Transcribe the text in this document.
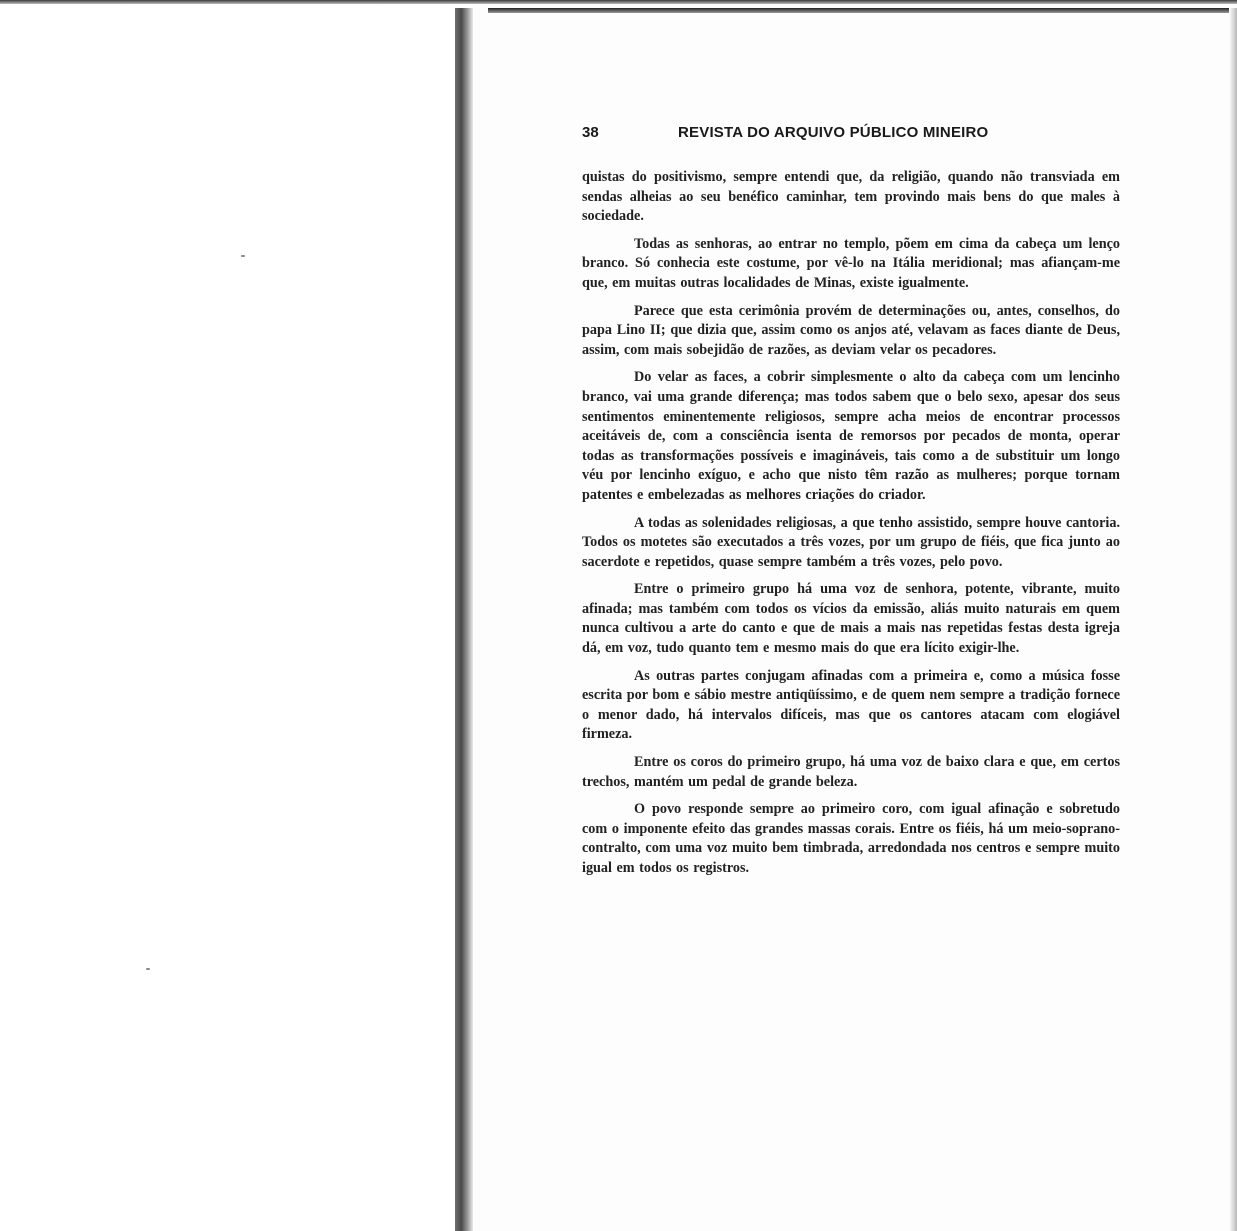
38	REVISTA DO ARQUIVO PÚBLICO MINEIRO

quistas do positivismo, sempre entendi que, da religião, quando não transviada em sendas alheias ao seu benéfico caminhar, tem provindo mais bens do que males à sociedade.

Todas as senhoras, ao entrar no templo, põem em cima da cabeça um lenço branco. Só conhecia este costume, por vê-lo na Itália meridional; mas afiançam-me que, em muitas outras localidades de Minas, existe igualmente.

Parece que esta cerimônia provém de determinações ou, antes, conselhos, do papa Lino II; que dizia que, assim como os anjos até, velavam as faces diante de Deus, assim, com mais sobejidão de razões, as deviam velar os pecadores.

Do velar as faces, a cobrir simplesmente o alto da cabeça com um lencinho branco, vai uma grande diferença; mas todos sabem que o belo sexo, apesar dos seus sentimentos eminentemente religiosos, sempre acha meios de encontrar processos aceitáveis de, com a consciência isenta de remorsos por pecados de monta, operar todas as transformações possíveis e imagináveis, tais como a de substituir um longo véu por lencinho exíguo, e acho que nisto têm razão as mulheres; porque tornam patentes e embelezadas as melhores criações do criador.

A todas as solenidades religiosas, a que tenho assistido, sempre houve cantoria. Todos os motetes são executados a três vozes, por um grupo de fiéis, que fica junto ao sacerdote e repetidos, quase sempre também a três vozes, pelo povo.

Entre o primeiro grupo há uma voz de senhora, potente, vibrante, muito afinada; mas também com todos os vícios da emissão, aliás muito naturais em quem nunca cultivou a arte do canto e que de mais a mais nas repetidas festas desta igreja dá, em voz, tudo quanto tem e mesmo mais do que era lícito exigir-lhe.

As outras partes conjugam afinadas com a primeira e, como a música fosse escrita por bom e sábio mestre antiqüíssimo, e de quem nem sempre a tradição fornece o menor dado, há intervalos difíceis, mas que os cantores atacam com elogiável firmeza.

Entre os coros do primeiro grupo, há uma voz de baixo clara e que, em certos trechos, mantém um pedal de grande beleza.

O povo responde sempre ao primeiro coro, com igual afinação e sobretudo com o imponente efeito das grandes massas corais. Entre os fiéis, há um meio-soprano-contralto, com uma voz muito bem timbrada, arredondada nos centros e sempre muito igual em todos os registros.
